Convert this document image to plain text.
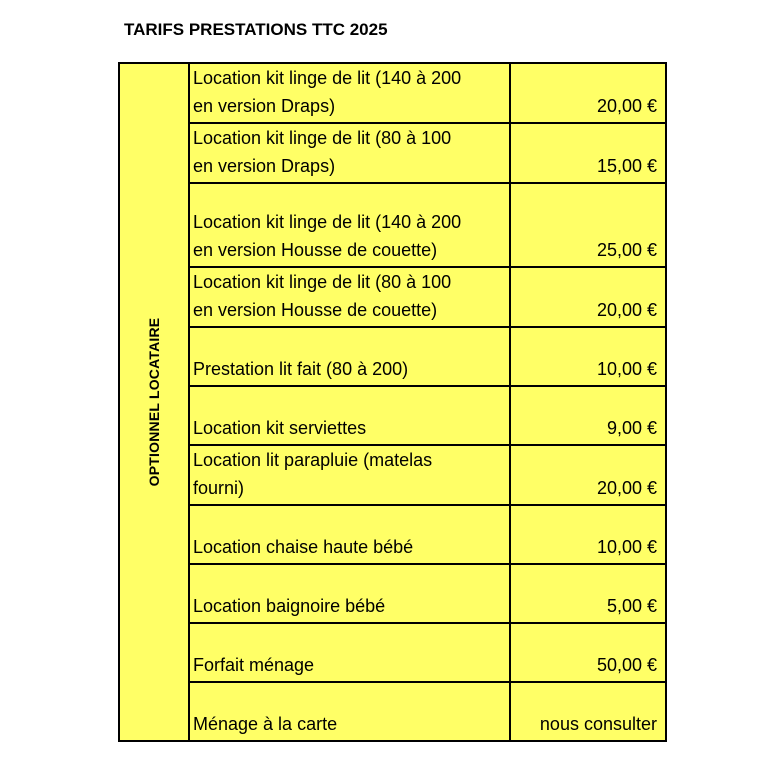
TARIFS PRESTATIONS TTC 2025
OPTIONNEL LOCATAIRE	Location kit linge de lit (140 à 200
en version Draps)	20,00 €

	Location kit linge de lit (80 à 100
en version Draps)	15,00 €

	Location kit linge de lit (140 à 200
en version Housse de couette)	25,00 €

	Location kit linge de lit (80 à 100
en version Housse de couette)	20,00 €

	Prestation lit fait (80 à 200)	10,00 €

	Location kit serviettes	9,00 €

	Location lit parapluie (matelas
fourni)	20,00 €

	Location chaise haute bébé	10,00 €

	Location baignoire bébé	5,00 €

	Forfait ménage	50,00 €

	Ménage à la carte	nous consulter
